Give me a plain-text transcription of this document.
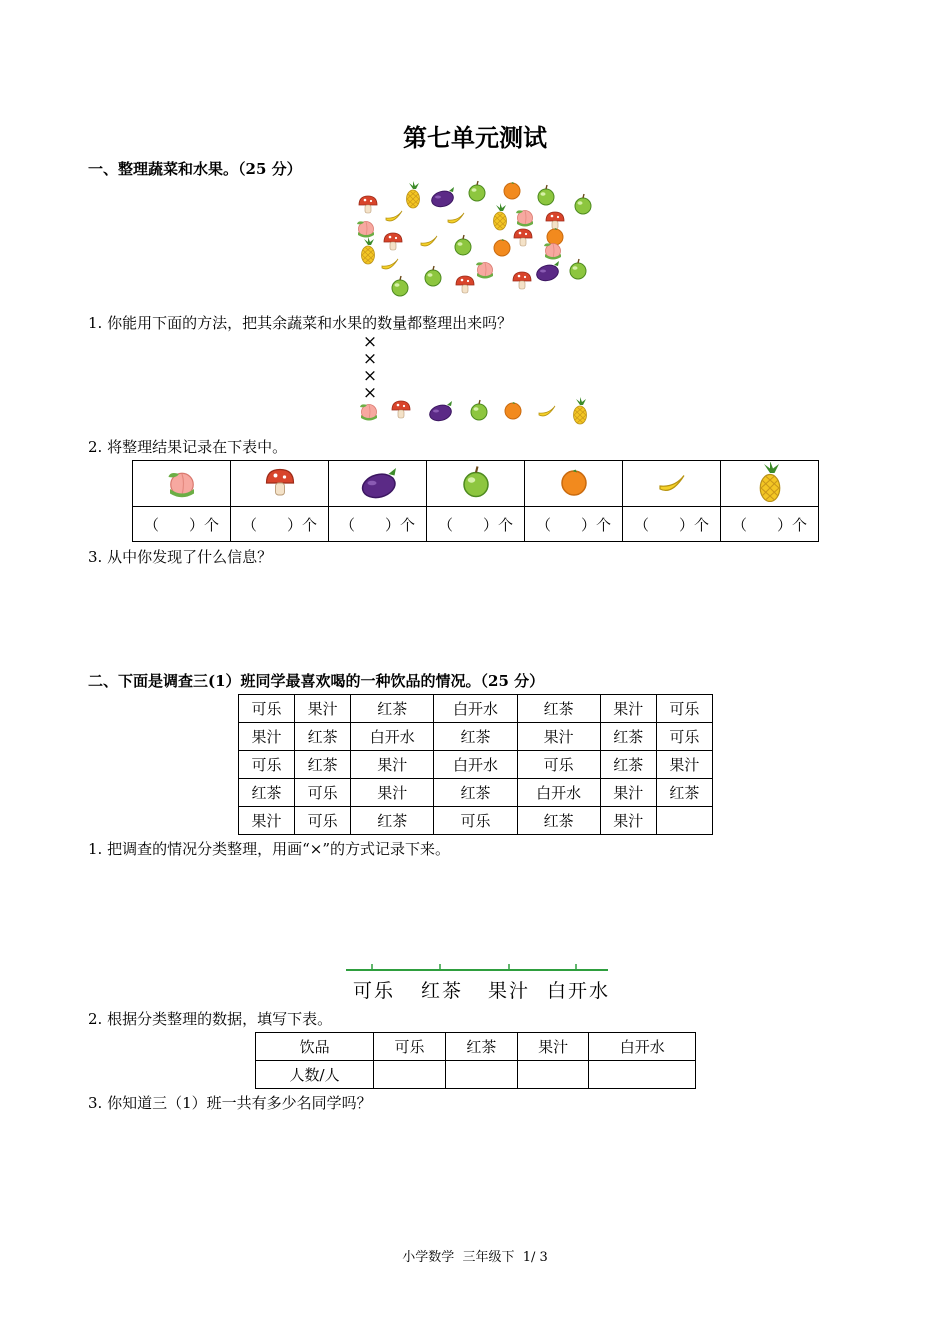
第七单元测试
一、整理蔬菜和水果。（25 分）
1. 你能用下面的方法，把其余蔬菜和水果的数量都整理出来吗？
×
×
×
×
2. 将整理结果记录在下表中。

（　　）个	（　　）个	（　　）个	（　　）个	（　　）个	（　　）个	（　　）个
3. 从中你发现了什么信息？
二、下面是调查三(1）班同学最喜欢喝的一种饮品的情况。（25 分）
可乐	果汁	红茶	白开水	红茶	果汁	可乐
果汁	红茶	白开水	红茶	果汁	红茶	可乐
可乐	红茶	果汁	白开水	可乐	红茶	果汁
红茶	可乐	果汁	红茶	白开水	果汁	红茶
果汁	可乐	红茶	可乐	红茶	果汁	
1. 把调查的情况分类整理，用画“×”的方式记录下来。
可乐 红茶 果汁 白开水
2. 根据分类整理的数据，填写下表。
饮品	可乐	红茶	果汁	白开水
人数/人				
3. 你知道三（1）班一共有多少名同学吗？
小学数学  三年级下  1/ 3
